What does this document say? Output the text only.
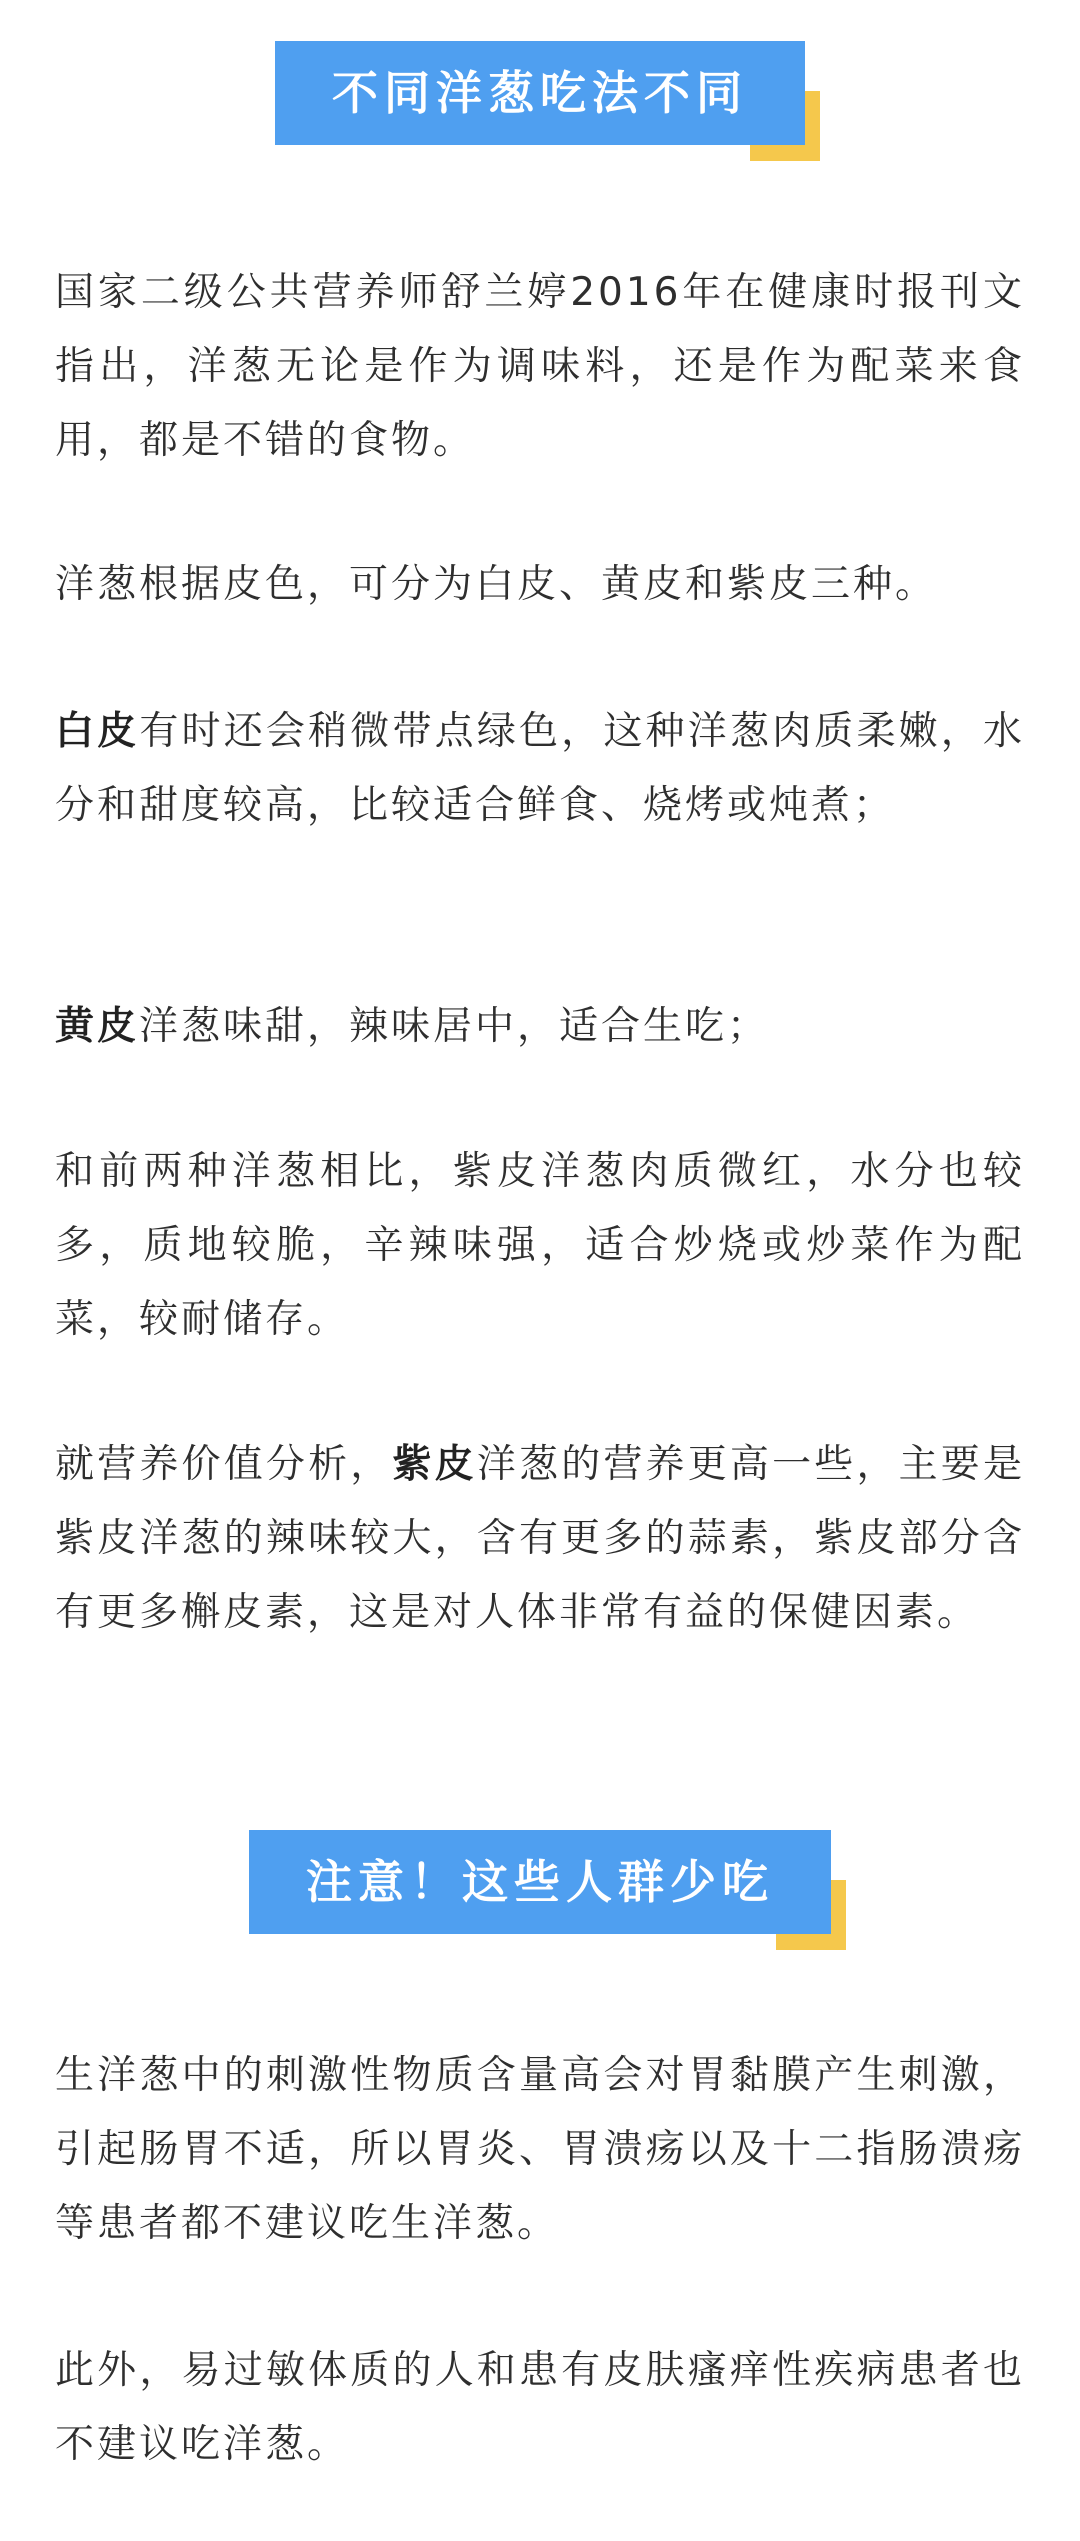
不同洋葱吃法不同

国家二级公共营养师舒兰婷2016年在健康时报刊文指出，洋葱无论是作为调味料，还是作为配菜来食用，都是不错的食物。

洋葱根据皮色，可分为白皮、黄皮和紫皮三种。

白皮有时还会稍微带点绿色，这种洋葱肉质柔嫩，水分和甜度较高，比较适合鲜食、烧烤或炖煮；

黄皮洋葱味甜，辣味居中，适合生吃；

和前两种洋葱相比，紫皮洋葱肉质微红，水分也较多，质地较脆，辛辣味强，适合炒烧或炒菜作为配菜，较耐储存。

就营养价值分析，紫皮洋葱的营养更高一些，主要是紫皮洋葱的辣味较大，含有更多的蒜素，紫皮部分含有更多槲皮素，这是对人体非常有益的保健因素。

注意！这些人群少吃

生洋葱中的刺激性物质含量高会对胃黏膜产生刺激，引起肠胃不适，所以胃炎、胃溃疡以及十二指肠溃疡等患者都不建议吃生洋葱。

此外，易过敏体质的人和患有皮肤瘙痒性疾病患者也不建议吃洋葱。
